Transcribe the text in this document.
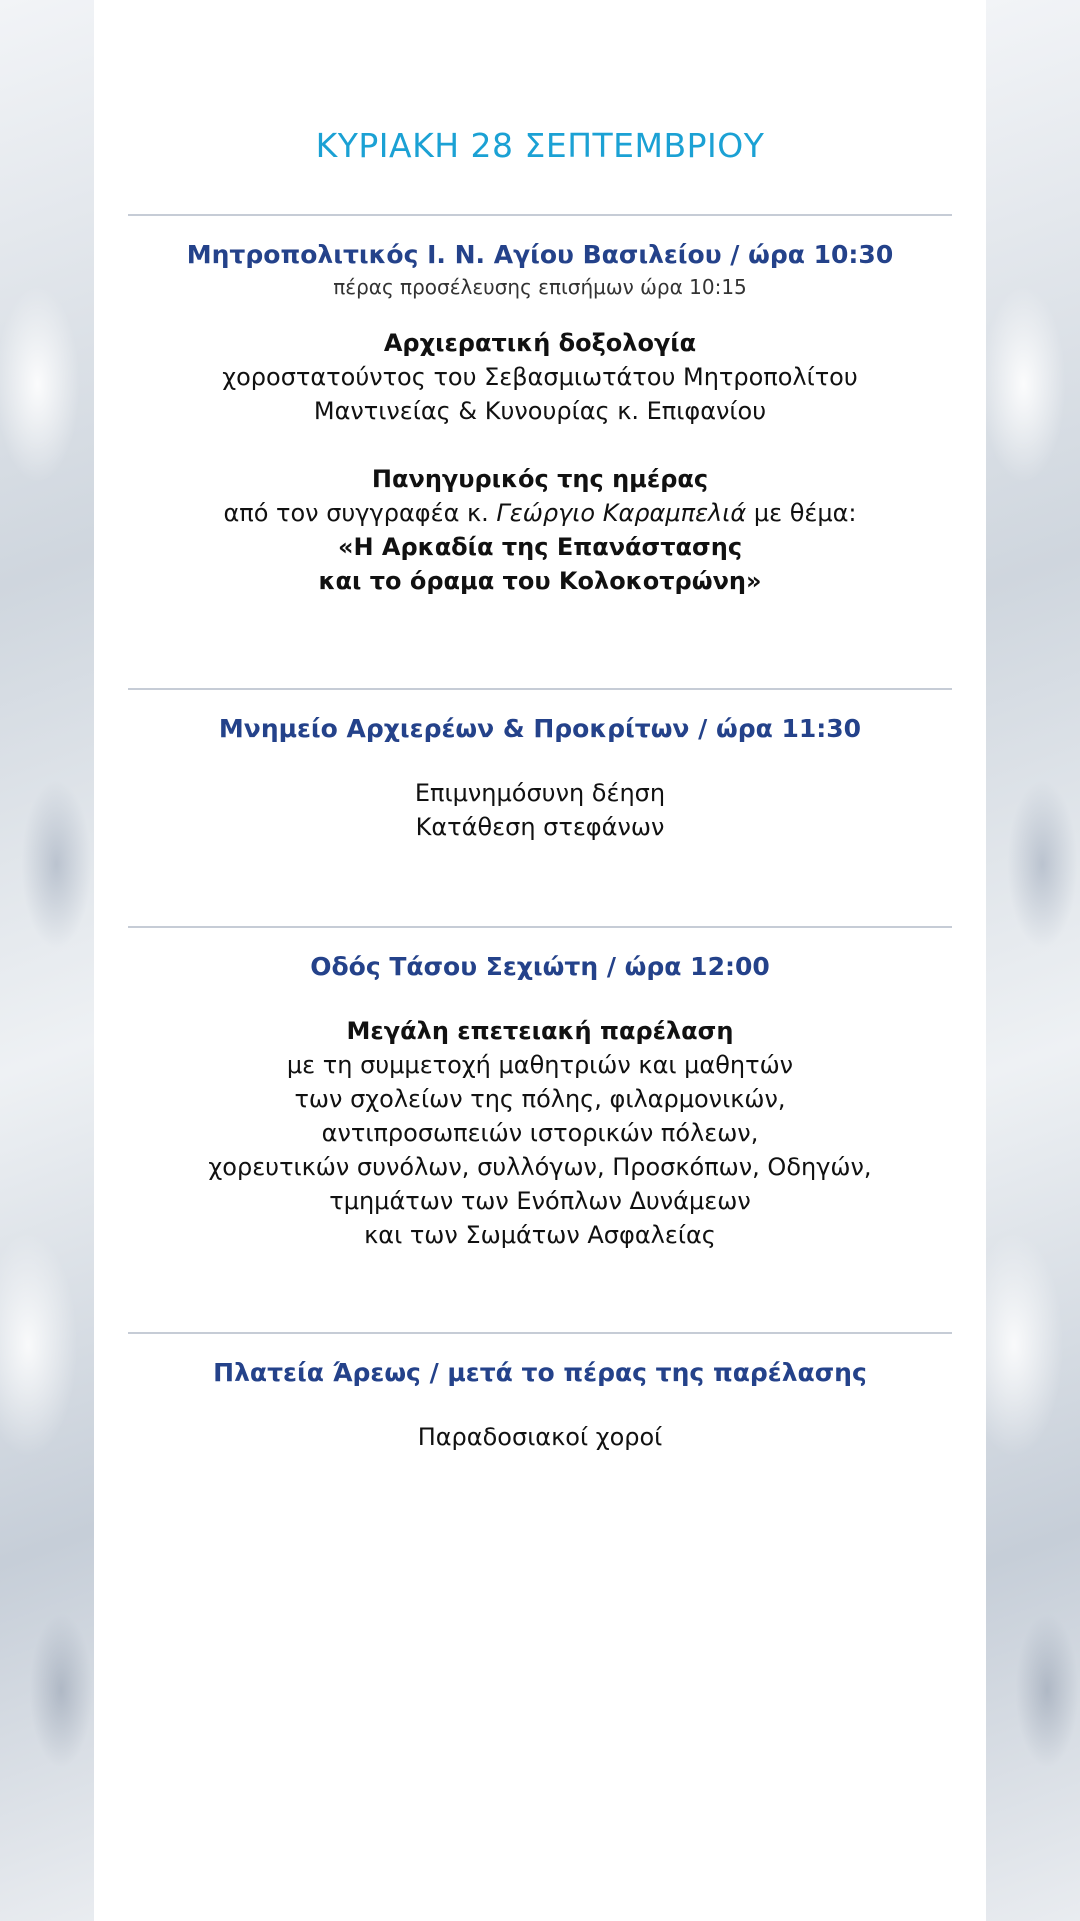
ΚΥΡΙΑΚΗ 28 ΣΕΠΤΕΜΒΡΙΟΥ
Μητροπολιτικός Ι. Ν. Αγίου Βασιλείου / ώρα 10:30
πέρας προσέλευσης επισήμων ώρα 10:15
Αρχιερατική δοξολογία
χοροστατούντος του Σεβασμιωτάτου Μητροπολίτου
Μαντινείας & Κυνουρίας κ. Επιφανίου
Πανηγυρικός της ημέρας
από τον συγγραφέα κ. Γεώργιο Καραμπελιά με θέμα:
«Η Αρκαδία της Επανάστασης
και το όραμα του Κολοκοτρώνη»
Μνημείο Αρχιερέων & Προκρίτων / ώρα 11:30
Επιμνημόσυνη δέηση
Κατάθεση στεφάνων
Οδός Τάσου Σεχιώτη / ώρα 12:00
Μεγάλη επετειακή παρέλαση
με τη συμμετοχή μαθητριών και μαθητών
των σχολείων της πόλης, φιλαρμονικών,
αντιπροσωπειών ιστορικών πόλεων,
χορευτικών συνόλων, συλλόγων, Προσκόπων, Οδηγών,
τμημάτων των Ενόπλων Δυνάμεων
και των Σωμάτων Ασφαλείας
Πλατεία Άρεως / μετά το πέρας της παρέλασης
Παραδοσιακοί χοροί
